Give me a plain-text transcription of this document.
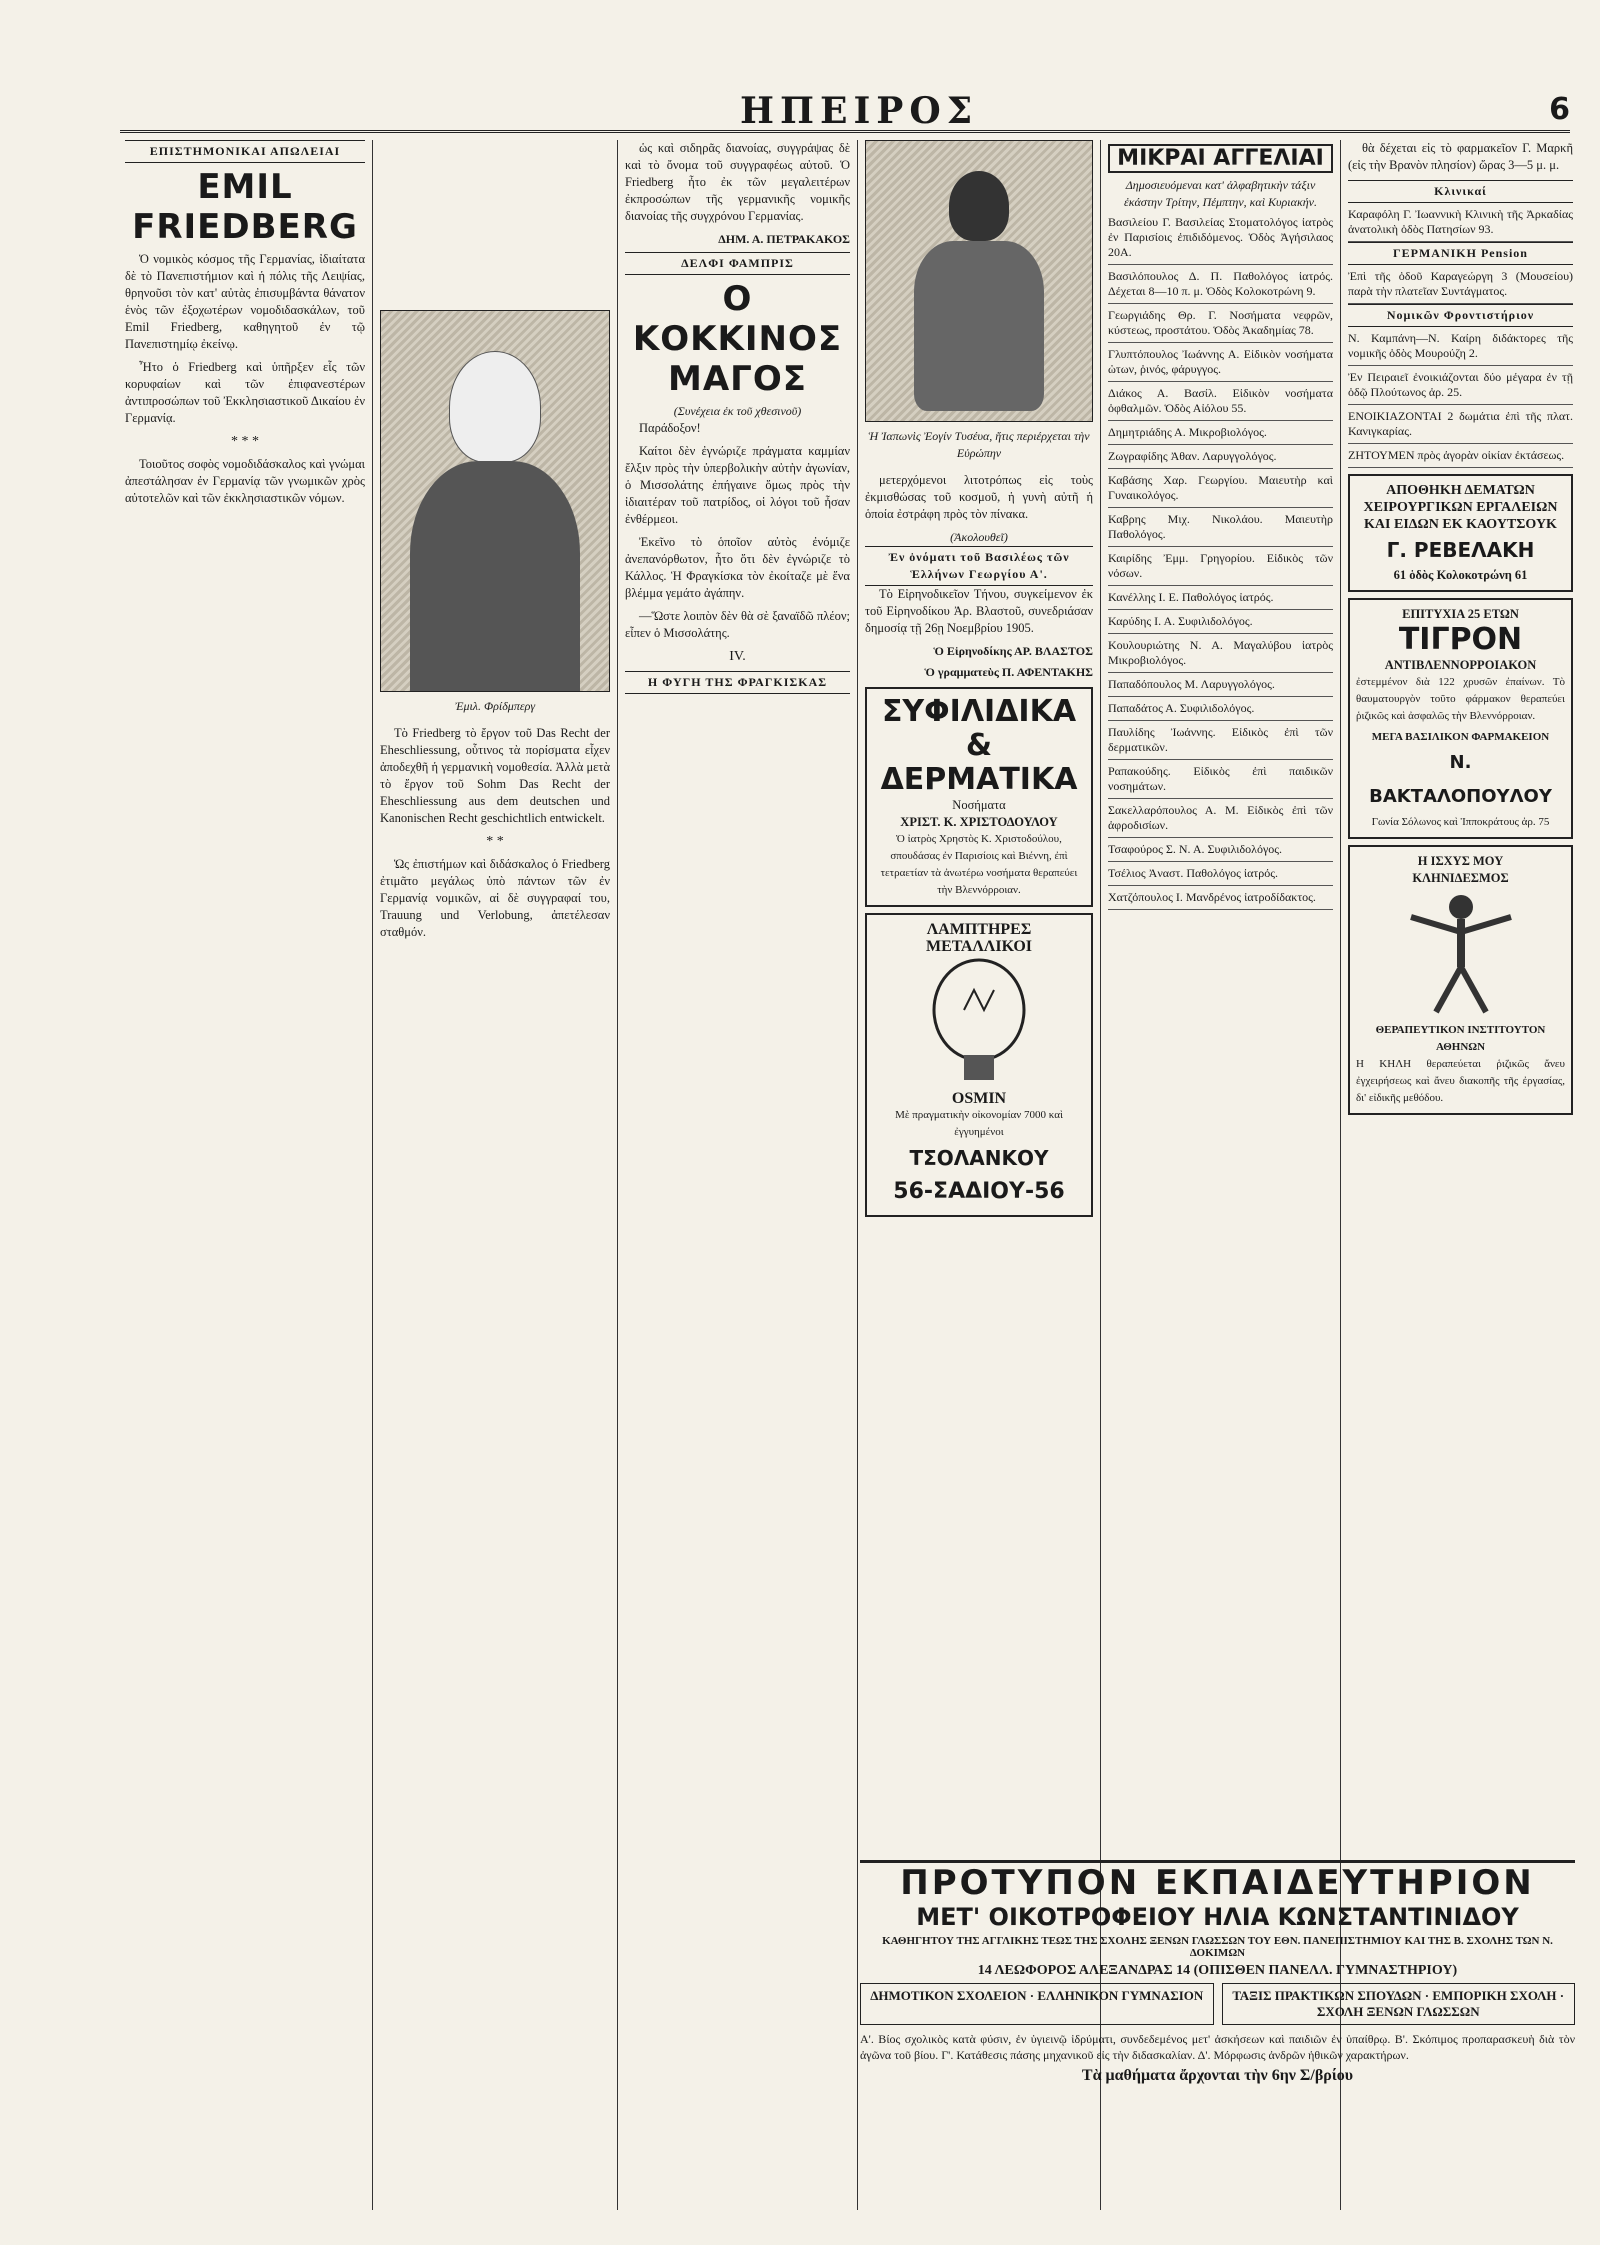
ΗΠΕΙΡΟΣ	6
ΕΠΙΣΤΗΜΟΝΙΚΑΙ ΑΠΩΛΕΙΑΙ
EMIL FRIEDBERG

Ὁ νομικὸς κόσμος τῆς Γερμανίας, ἰδιαίτατα δὲ τὸ Πανεπιστήμιον καὶ ἡ πόλις τῆς Λειψίας, θρηνοῦσι τὸν κατ' αὐτὰς ἐπισυμβάντα θάνατον ἑνὸς τῶν ἐξοχωτέρων νομοδιδασκάλων, τοῦ Emil Friedberg, καθηγητοῦ ἐν τῷ Πανεπιστημίῳ ἐκείνῳ.

Ἦτο ὁ Friedberg καὶ ὑπῆρξεν εἷς τῶν κορυφαίων καὶ τῶν ἐπιφανεστέρων ἀντιπροσώπων τοῦ Ἐκκλησιαστικοῦ Δικαίου ἐν Γερμανίᾳ.

* * *

Τοιοῦτος σοφὸς νομοδιδάσκαλος καὶ γνώμαι ἀπεστάλησαν ἐν Γερμανίᾳ τῶν γνωμικῶν χρὸς αὐτοτελῶν καὶ τῶν ἐκκλησιαστικῶν νόμων.

Ἐμιλ. Φρίδμπεργ

Τὸ Friedberg τὸ ἔργον τοῦ Das Recht der Eheschliessung, οὗτινος τὰ πορίσματα εἶχεν ἀποδεχθῆ ἡ γερμανικὴ νομοθεσία. Ἀλλὰ μετὰ τὸ ἔργον τοῦ Sohm Das Recht der Eheschliessung aus dem deutschen und Kanonischen Recht geschichtlich entwickelt.

* *

Ὡς ἐπιστήμων καὶ διδάσκαλος ὁ Friedberg ἐτιμᾶτο μεγάλως ὑπὸ πάντων τῶν ἐν Γερμανίᾳ νομικῶν, αἱ δὲ συγγραφαί του, Trauung und Verlobung, ἀπετέλεσαν σταθμόν.

ὡς καὶ σιδηρᾶς διανοίας, συγγράψας δὲ καὶ τὸ ὄνομα τοῦ συγγραφέως αὐτοῦ. Ὁ Friedberg ἦτο ἐκ τῶν μεγαλειτέρων ἐκπροσώπων τῆς γερμανικῆς νομικῆς διανοίας τῆς συγχρόνου Γερμανίας.

ΔΗΜ. Α. ΠΕΤΡΑΚΑΚΟΣ
ΔΕΛΦΙ ΦΑΜΠΡΙΣ
Ο ΚΟΚΚΙΝΟΣ ΜΑΓΟΣ
(Συνέχεια ἐκ τοῦ χθεσινοῦ)

Παράδοξον!

Καίτοι δὲν ἐγνώριζε πράγματα καμμίαν ἔλξιν πρὸς τὴν ὑπερβολικὴν αὐτὴν ἀγωνίαν, ὁ Μισσολάτης ἐπήγαινε ὅμως πρὸς τὴν ἰδιαιτέραν τοῦ πατρίδος, οἱ λόγοι τοῦ ἦσαν ἐνθέρμεοι.

Ἐκεῖνο τὸ ὁποῖον αὐτὸς ἐνόμιζε ἀνεπανόρθωτον, ἦτο ὅτι δὲν ἐγνώριζε τὸ Κάλλος. Ἡ Φραγκίσκα τὸν ἐκοίταζε μὲ ἕνα βλέμμα γεμάτο ἀγάπην.

—Ὥστε λοιπὸν δὲν θὰ σὲ ξαναϊδῶ πλέον; εἶπεν ὁ Μισσολάτης.

IV.
Η ΦΥΓΗ ΤΗΣ ΦΡΑΓΚΙΣΚΑΣ
Ἡ Ἰαπωνὶς Ἐογίν Τυσέυα, ἥτις περιέρχεται τὴν Εὐρώπην

μετερχόμενοι λιτοτρόπως εἰς τοὺς ἐκμισθώσας τοῦ κοσμοῦ, ἡ γυνὴ αὐτῆ ἡ ὁποία ἐστράφη πρὸς τὸν πίνακα.

(Ἀκολουθεῖ)
Ἐν ὀνόματι τοῦ Βασιλέως τῶν Ἑλλήνων Γεωργίου Α'.

Τὸ Εἰρηνοδικεῖον Τήνου, συγκείμενον ἐκ τοῦ Εἰρηνοδίκου Ἀρ. Βλαστοῦ, συνεδριάσαν δημοσίᾳ τῇ 26ῃ Νοεμβρίου 1905.

Ὁ Εἰρηνοδίκης ΑΡ. ΒΛΑΣΤΟΣ
Ὁ γραμματεὺς Π. ΑΦΕΝΤΑΚΗΣ
ΣΥΦΙΛΙΔΙΚΑ & ΔΕΡΜΑΤΙΚΑ
Νοσήματα
ΧΡΙΣΤ. Κ. ΧΡΙΣΤΟΔΟΥΛΟΥ
Ὁ ἰατρὸς Χρηστὸς Κ. Χριστοδούλου, σπουδάσας ἐν Παρισίοις καὶ Βιέννη, ἐπὶ τετραετίαν τὰ ἀνωτέρω νοσήματα θεραπεύει τὴν Βλεννόρροιαν.
ΛΑΜΠΤΗΡΕΣ ΜΕΤΑΛΛΙΚΟΙ
OSMIN
Μὲ πραγματικὴν οἰκονομίαν 7000 καὶ ἐγγυημένοι
ΤΣΟΛΑΝΚΟΥ
56-ΣΑΔΙΟΥ-56
ΜΙΚΡΑΙ ΑΓΓΕΛΙΑΙ
Δημοσιευόμεναι κατ' ἀλφαβητικὴν τάξιν ἐκάστην Τρίτην, Πέμπτην, καὶ Κυριακήν.
Βασιλείου Γ. Βασιλείας Στοματολόγος ἰατρὸς ἐν Παρισίοις ἐπιδιδόμενος. Ὁδὸς Ἀγήσιλαος 20Α.
Βασιλόπουλος Δ. Π. Παθολόγος ἰατρός. Δέχεται 8—10 π. μ. Ὁδὸς Κολοκοτρώνη 9.
Γεωργιάδης Θρ. Γ. Νοσήματα νεφρῶν, κύστεως, προστάτου. Ὁδὸς Ἀκαδημίας 78.
Γλυπτόπουλος Ἰωάννης Α. Εἰδικὸν νοσήματα ὠτων, ῥινός, φάρυγγος.
Διάκος Α. Βασίλ. Εἰδικὸν νοσήματα ὀφθαλμῶν. Ὁδὸς Αἰόλου 55.
Δημητριάδης Α. Μικροβιολόγος.
Ζωγραφίδης Ἀθαν. Λαρυγγολόγος.
Καβάσης Χαρ. Γεωργίου. Μαιευτὴρ καὶ Γυναικολόγος.
Καβρης Μιχ. Νικολάου. Μαιευτὴρ Παθολόγος.
Καιρίδης Ἐμμ. Γρηγορίου. Εἰδικὸς τῶν νόσων.
Κανέλλης Ι. Ε. Παθολόγος ἰατρός.
Καρύδης Ι. Α. Συφιλιδολόγος.
Κουλουριώτης Ν. Α. Μαγαλύβου ἰατρὸς Μικροβιολόγος.
Παπαδόπουλος Μ. Λαρυγγολόγος.
Παπαδάτος Α. Συφιλιδολόγος.
Παυλίδης Ἰωάννης. Εἰδικὸς ἐπὶ τῶν δερματικῶν.
Ραπακούδης. Εἰδικὸς ἐπὶ παιδικῶν νοσημάτων.
Σακελλαρόπουλος Α. Μ. Εἰδικὸς ἐπὶ τῶν ἀφροδισίων.
Τσαφούρος Σ. Ν. Α. Συφιλιδολόγος.
Τσέλιος Ἀναστ. Παθολόγος ἰατρός.
Χατζόπουλος Ι. Μανδρένος ἰατροδίδακτος.

θὰ δέχεται εἰς τὸ φαρμακεῖον Γ. Μαρκῆ (εἰς τὴν Βρανὸν πλησίον) ὥρας 3—5 μ. μ.

Κλινικαί
Καραφόλη Γ. Ἰωαννικὴ Κλινικὴ τῆς Ἀρκαδίας ἀνατολικὴ ὁδὸς Πατησίων 93.
ΓΕΡΜΑΝΙΚΗ Pension
Ἐπὶ τῆς ὁδοῦ Καραγεώργη 3 (Μουσείου) παρὰ τὴν πλατεῖαν Συντάγματος.
Νομικῶν Φροντιστήριον
Ν. Καμπάνη—Ν. Καίρη διδάκτορες τῆς νομικῆς ὁδὸς Μουρούζη 2.
Ἐν Πειραιεῖ ἐνοικιάζονται δύο μέγαρα ἐν τῇ ὁδῷ Πλούτωνος ἀρ. 25.
ΕΝΟΙΚΙΑΖΟΝΤΑΙ 2 δωμάτια ἐπὶ τῆς πλατ. Κανιγκαρίας.
ΖΗΤΟΥΜΕΝ πρὸς ἀγορὰν οἰκίαν ἐκτάσεως.
ΑΠΟΘΗΚΗ ΔΕΜΑΤΩΝ ΧΕΙΡΟΥΡΓΙΚΩΝ ΕΡΓΑΛΕΙΩΝ ΚΑΙ ΕΙΔΩΝ ΕΚ ΚΑΟΥΤΣΟΥΚ
Γ. ΡΕΒΕΛΑΚΗ
61 ὁδὸς Κολοκοτρώνη 61
ΕΠΙΤΥΧΙΑ 25 ΕΤΩΝ
ΤΙΓΡΟΝ
ΑΝΤΙΒΛΕΝΝΟΡΡΟΙΑΚΟΝ
ἐστεμμένον διὰ 122 χρυσῶν ἐπαίνων. Τὸ θαυματουργὸν τοῦτο φάρμακον θεραπεύει ῥιζικῶς καὶ ἀσφαλῶς τὴν Βλεννόρροιαν.
ΜΕΓΑ ΒΑΣΙΛΙΚΟΝ ΦΑΡΜΑΚΕΙΟΝ
Ν. ΒΑΚΤΑΛΟΠΟΥΛΟΥ
Γωνία Σόλωνος καὶ Ἱπποκράτους ἀρ. 75
Η ΙΣΧΥΣ ΜΟΥ
ΚΛΗΝΙΔΕΣΜΟΣ
ΘΕΡΑΠΕΥΤΙΚΟΝ ΙΝΣΤΙΤΟΥΤΟΝ ΑΘΗΝΩΝ
Η ΚΗΛΗ θεραπεύεται ῥιζικῶς ἄνευ ἐγχειρήσεως καὶ ἄνευ διακοπῆς τῆς ἐργασίας, δι' εἰδικῆς μεθόδου.
ΠΡΟΤΥΠΟΝ ΕΚΠΑΙΔΕΥΤΗΡΙΟΝ
ΜΕΤ' ΟΙΚΟΤΡΟΦΕΙΟΥ ΗΛΙΑ ΚΩΝΣΤΑΝΤΙΝΙΔΟΥ
ΚΑΘΗΓΗΤΟΥ ΤΗΣ ΑΓΓΛΙΚΗΣ ΤΕΩΣ ΤΗΣ ΣΧΟΛΗΣ ΞΕΝΩΝ ΓΛΩΣΣΩΝ ΤΟΥ ΕΘΝ. ΠΑΝΕΠΙΣΤΗΜΙΟΥ ΚΑΙ ΤΗΣ Β. ΣΧΟΛΗΣ ΤΩΝ Ν. ΔΟΚΙΜΩΝ
14 ΛΕΩΦΟΡΟΣ ΑΛΕΞΑΝΔΡΑΣ 14 (ΟΠΙΣΘΕΝ ΠΑΝΕΛΛ. ΓΥΜΝΑΣΤΗΡΙΟΥ)
ΔΗΜΟΤΙΚΟΝ ΣΧΟΛΕΙΟΝ · ΕΛΛΗΝΙΚΟΝ ΓΥΜΝΑΣΙΟΝ	ΤΑΞΙΣ ΠΡΑΚΤΙΚΩΝ ΣΠΟΥΔΩΝ · ΕΜΠΟΡΙΚΗ ΣΧΟΛΗ · ΣΧΟΛΗ ΞΕΝΩΝ ΓΛΩΣΣΩΝ
Α'. Βίος σχολικὸς κατὰ φύσιν, ἐν ὑγιεινῷ ἱδρύματι, συνδεδεμένος μετ' ἀσκήσεων καὶ παιδιῶν ἐν ὑπαίθρῳ. Β'. Σκόπιμος προπαρασκευὴ διὰ τὸν ἀγῶνα τοῦ βίου. Γ'. Κατάθεσις πάσης μηχανικοῦ εἰς τὴν διδασκαλίαν. Δ'. Μόρφωσις ἀνδρῶν ἠθικῶν χαρακτήρων.
Τὰ μαθήματα ἄρχονται τὴν 6ην Σ/βρίου
